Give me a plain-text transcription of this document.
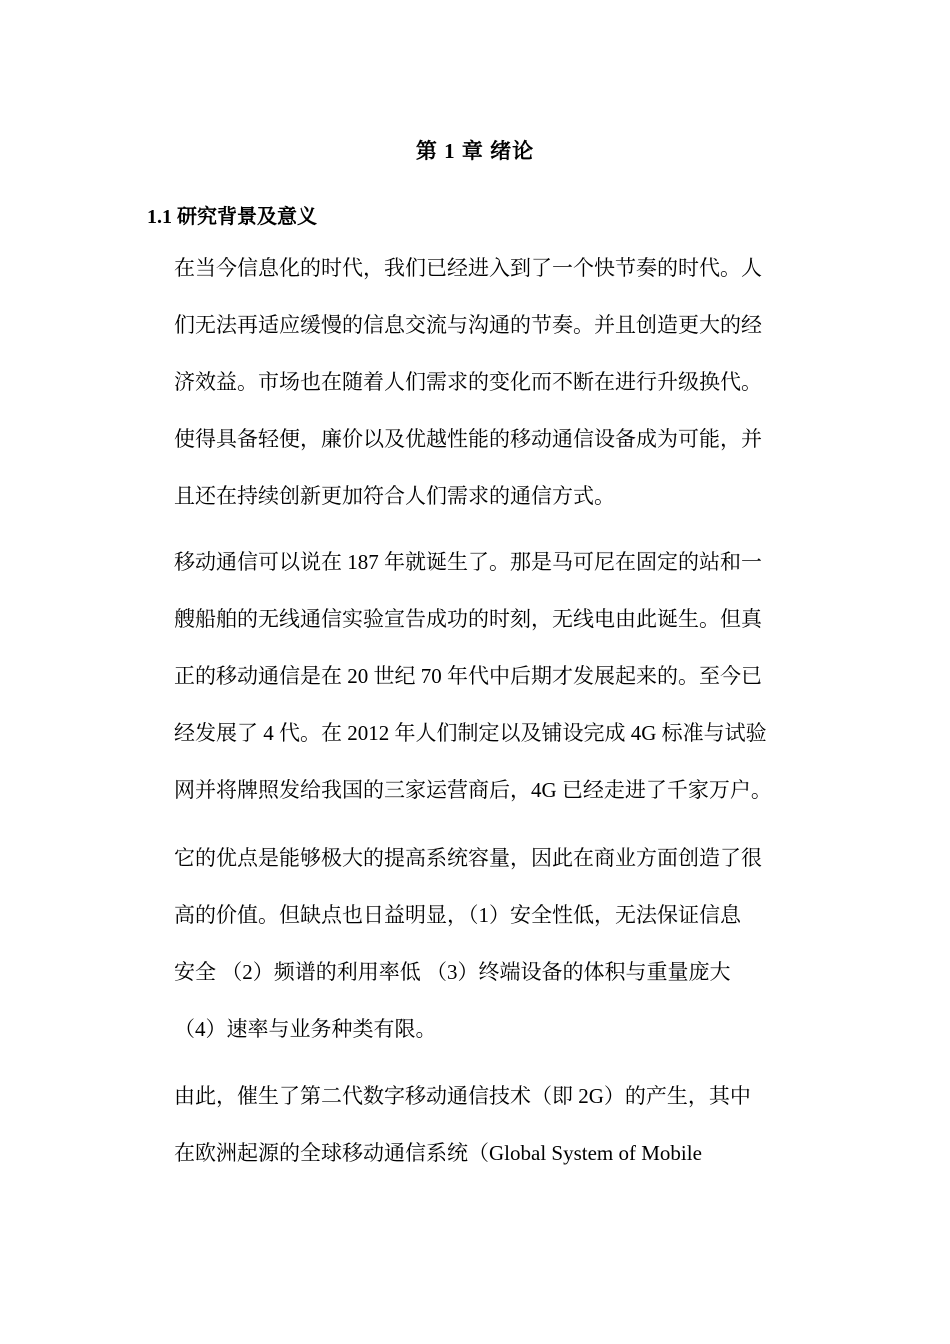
第 1 章 绪论
1.1 研究背景及意义
在当今信息化的时代，我们已经进入到了一个快节奏的时代。人
们无法再适应缓慢的信息交流与沟通的节奏。并且创造更大的经
济效益。市场也在随着人们需求的变化而不断在进行升级换代。
使得具备轻便，廉价以及优越性能的移动通信设备成为可能，并
且还在持续创新更加符合人们需求的通信方式。
移动通信可以说在 187 年就诞生了。那是马可尼在固定的站和一
艘船舶的无线通信实验宣告成功的时刻，无线电由此诞生。但真
正的移动通信是在 20 世纪 70 年代中后期才发展起来的。至今已
经发展了 4 代。在 2012 年人们制定以及铺设完成 4G 标准与试验
网并将牌照发给我国的三家运营商后，4G 已经走进了千家万户。
它的优点是能够极大的提高系统容量，因此在商业方面创造了很
高的价值。但缺点也日益明显，（1）安全性低，无法保证信息
安全 （2）频谱的利用率低 （3）终端设备的体积与重量庞大
（4）速率与业务种类有限。
由此，催生了第二代数字移动通信技术（即 2G）的产生，其中
在欧洲起源的全球移动通信系统（Global System of Mobile
